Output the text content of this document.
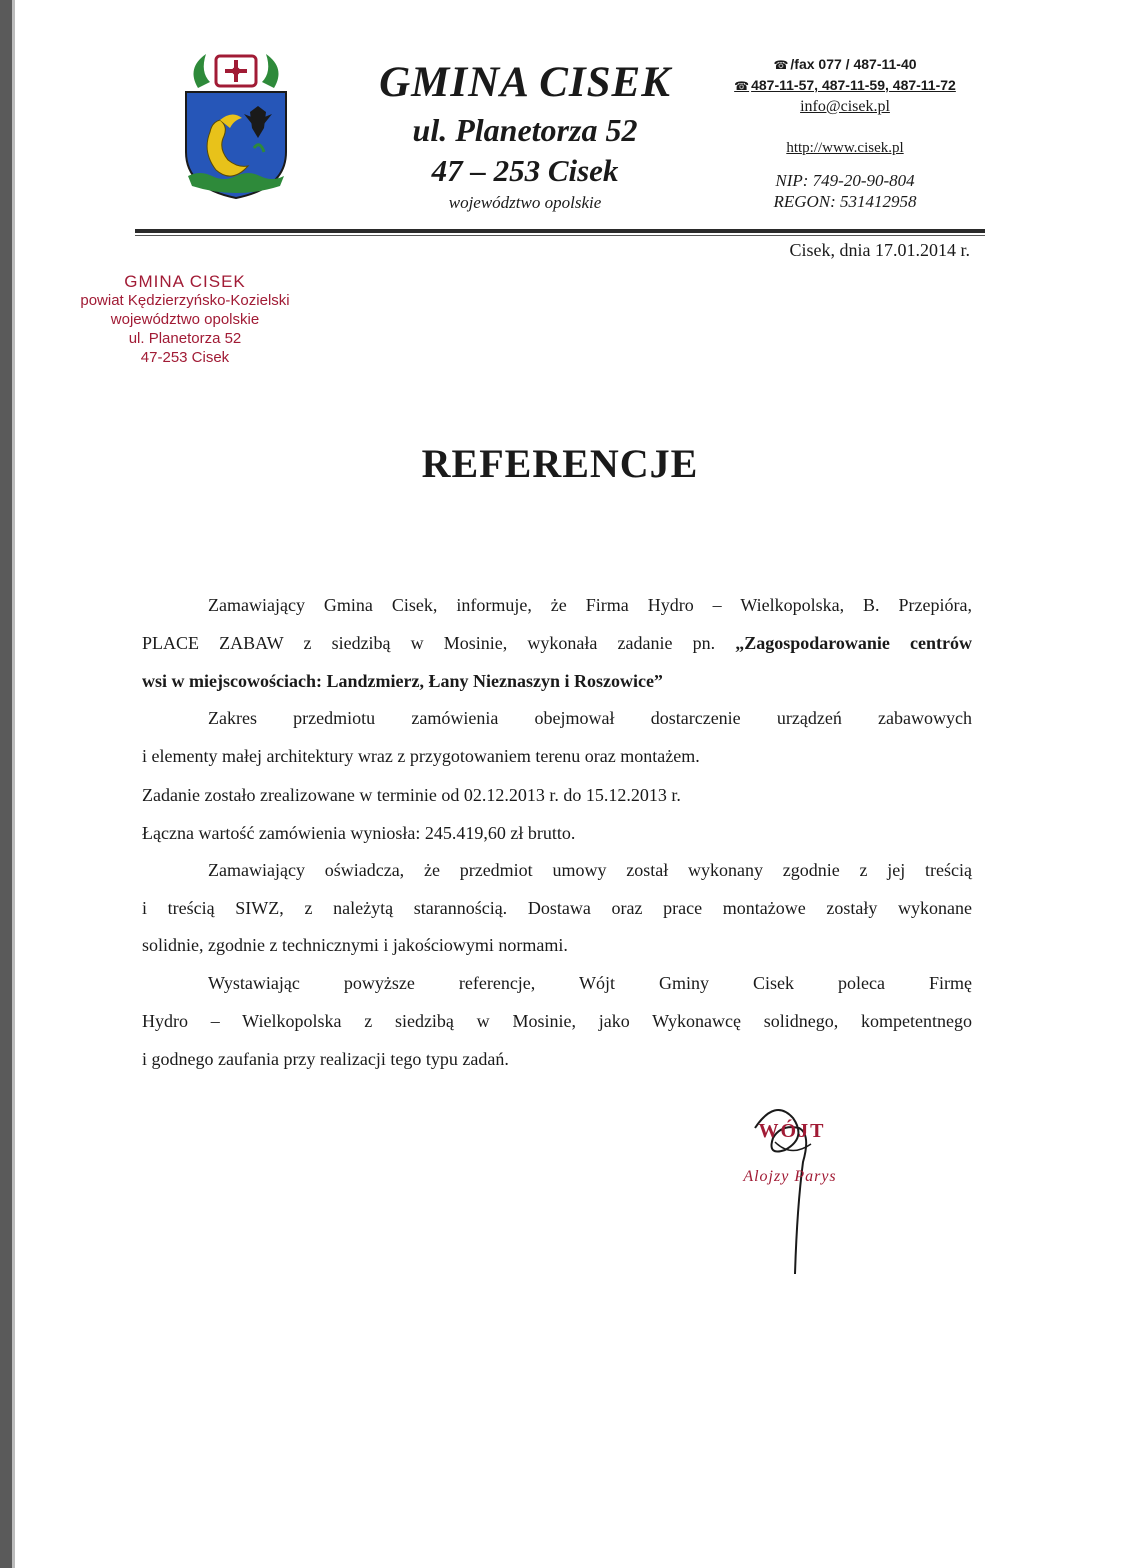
GMINA CISEK
ul. Planetorza 52
47 – 253 Cisek
województwo opolskie
☎ /fax 077 / 487-11-40
☎ 487-11-57, 487-11-59, 487-11-72
info@cisek.pl
http://www.cisek.pl
NIP: 749-20-90-804
REGON: 531412958
Cisek, dnia 17.01.2014 r.
GMINA CISEK
powiat Kędzierzyńsko-Kozielski
województwo opolskie
ul. Planetorza 52
47-253 Cisek
REFERENCJE
Zamawiający Gmina Cisek, informuje, że Firma Hydro – Wielkopolska, B. Przepióra,
PLACE ZABAW z siedzibą w Mosinie, wykonała zadanie pn. „Zagospodarowanie centrów
wsi w miejscowościach: Landzmierz, Łany Nieznaszyn i Roszowice”
Zakres przedmiotu zamówienia obejmował dostarczenie urządzeń zabawowych
i elementy małej architektury wraz z przygotowaniem terenu oraz montażem.
Zadanie zostało zrealizowane w terminie od 02.12.2013 r. do 15.12.2013 r.
Łączna wartość zamówienia wyniosła: 245.419,60 zł brutto.
Zamawiający oświadcza, że przedmiot umowy został wykonany zgodnie z jej treścią
i treścią SIWZ, z należytą starannością. Dostawa oraz prace montażowe zostały wykonane
solidnie, zgodnie z technicznymi i jakościowymi normami.
Wystawiając powyższe referencje, Wójt Gminy Cisek poleca Firmę
Hydro – Wielkopolska z siedzibą w Mosinie, jako Wykonawcę solidnego, kompetentnego
i godnego zaufania przy realizacji tego typu zadań.
WÓJT
Alojzy Parys
